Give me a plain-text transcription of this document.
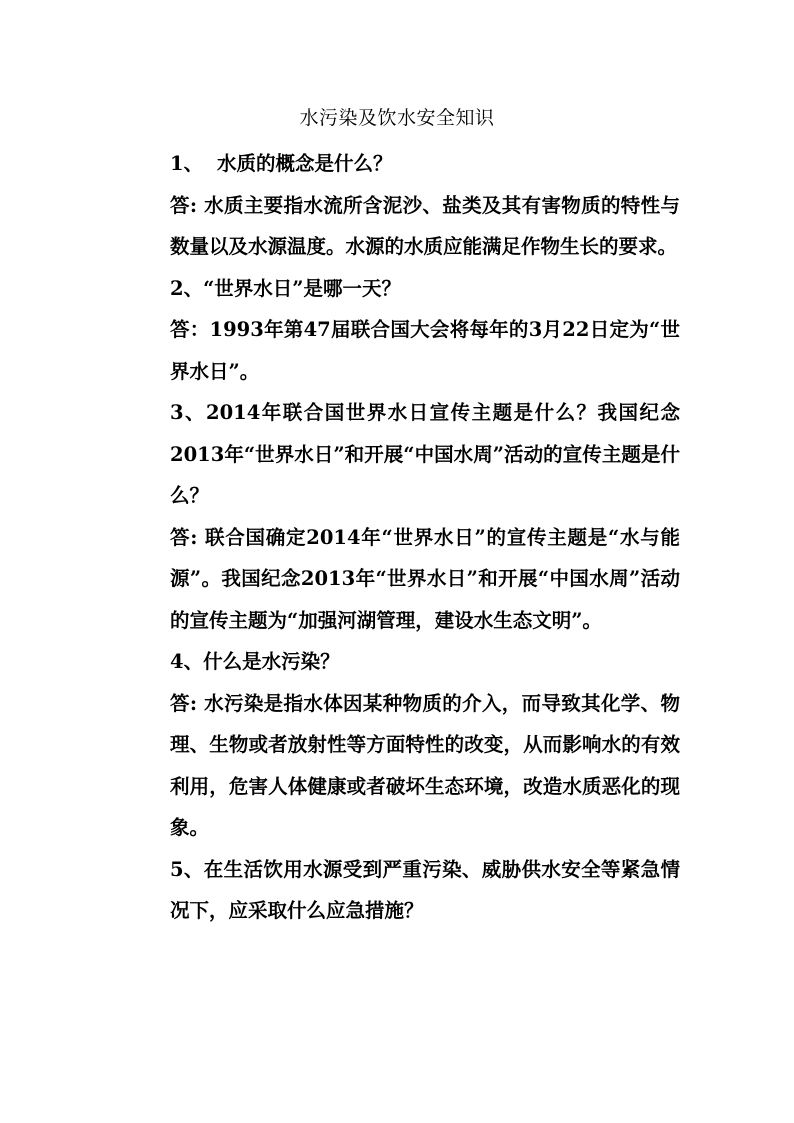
水污染及饮水安全知识

1、 水质的概念是什么？

答: 水质主要指水流所含泥沙、盐类及其有害物质的特性与数量以及水源温度。水源的水质应能满足作物生长的要求。

2、“世界水日”是哪一天？

答：1993年第47届联合国大会将每年的3月22日定为“世界水日”。

3、2014年联合国世界水日宣传主题是什么？我国纪念2013年“世界水日”和开展“中国水周”活动的宣传主题是什么？

答: 联合国确定2014年“世界水日”的宣传主题是“水与能源”。我国纪念2013年“世界水日”和开展“中国水周”活动的宣传主题为“加强河湖管理，建设水生态文明”。

4、什么是水污染？

答: 水污染是指水体因某种物质的介入，而导致其化学、物理、生物或者放射性等方面特性的改变，从而影响水的有效利用，危害人体健康或者破坏生态环境，改造水质恶化的现象。

5、在生活饮用水源受到严重污染、威胁供水安全等紧急情况下，应采取什么应急措施？
